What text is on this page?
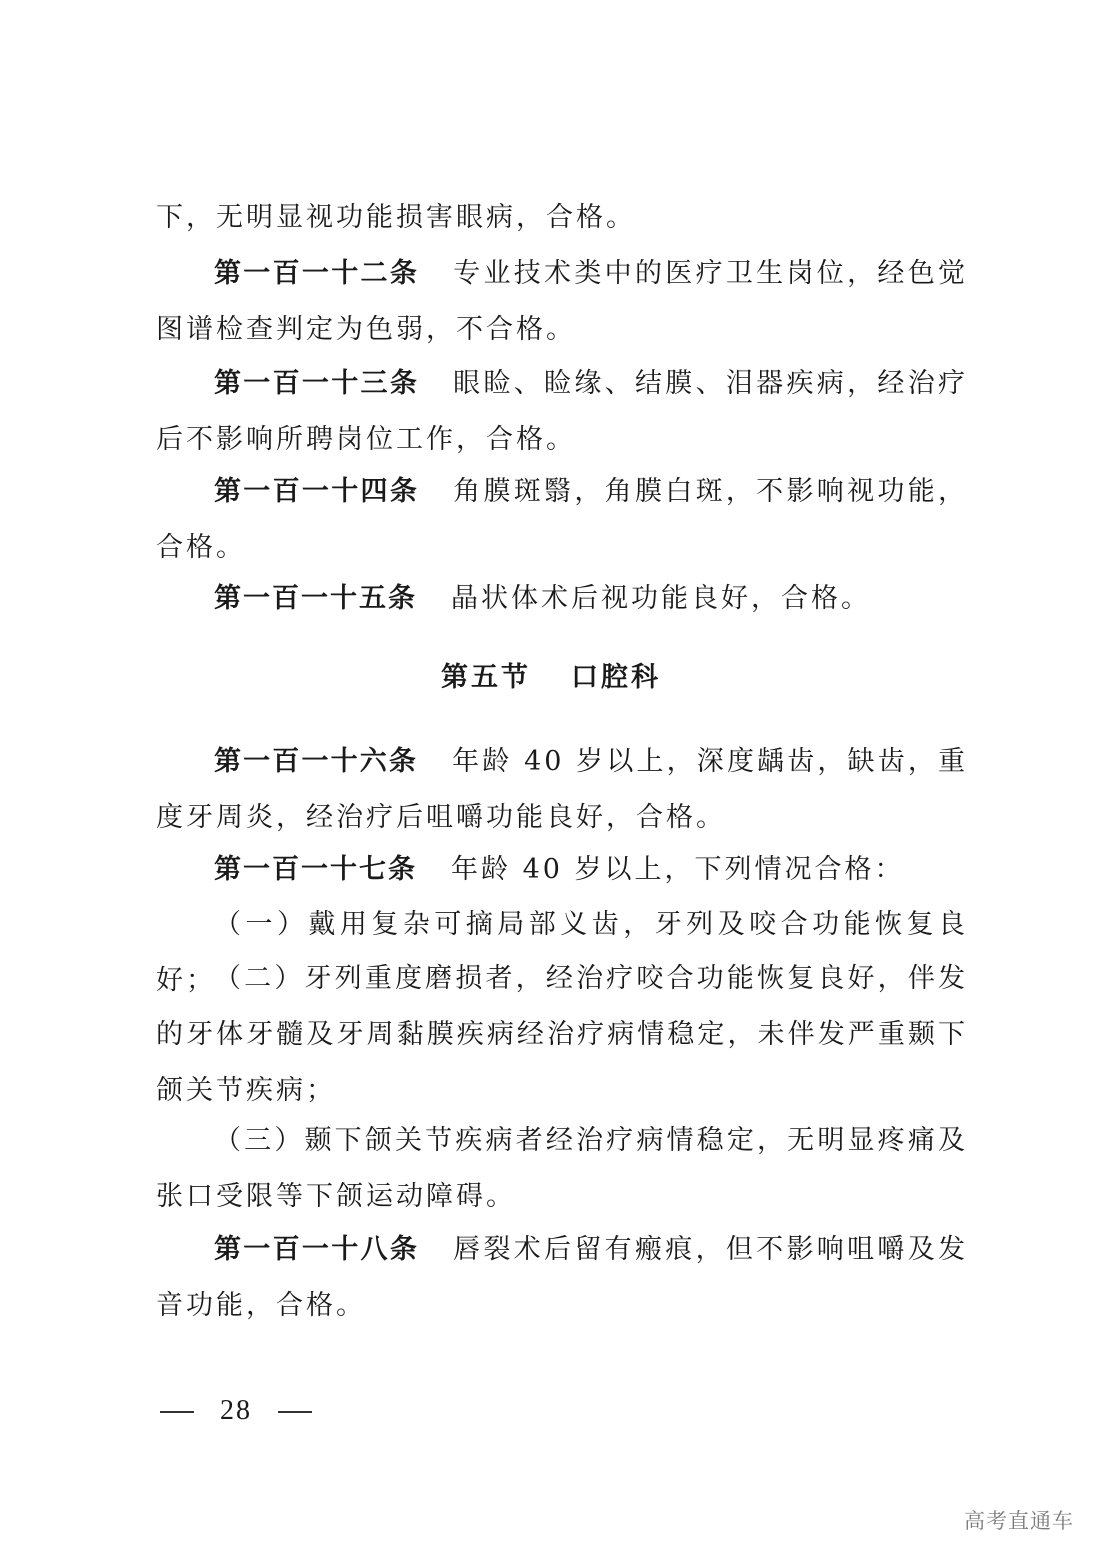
下，无明显视功能损害眼病，合格。

第一百一十二条 专业技术类中的医疗卫生岗位，经色觉图谱检查判定为色弱，不合格。

第一百一十三条 眼睑、睑缘、结膜、泪器疾病，经治疗后不影响所聘岗位工作，合格。

第一百一十四条 角膜斑翳，角膜白斑，不影响视功能，合格。

第一百一十五条 晶状体术后视功能良好，合格。

第五节 口腔科

第一百一十六条 年龄 40 岁以上，深度龋齿，缺齿，重度牙周炎，经治疗后咀嚼功能良好，合格。

第一百一十七条 年龄 40 岁以上，下列情况合格：

（一）戴用复杂可摘局部义齿，牙列及咬合功能恢复良好；

（二）牙列重度磨损者，经治疗咬合功能恢复良好，伴发的牙体牙髓及牙周黏膜疾病经治疗病情稳定，未伴发严重颞下颌关节疾病；

（三）颞下颌关节疾病者经治疗病情稳定，无明显疼痛及张口受限等下颌运动障碍。

第一百一十八条 唇裂术后留有瘢痕，但不影响咀嚼及发音功能，合格。

28
高考直通车
